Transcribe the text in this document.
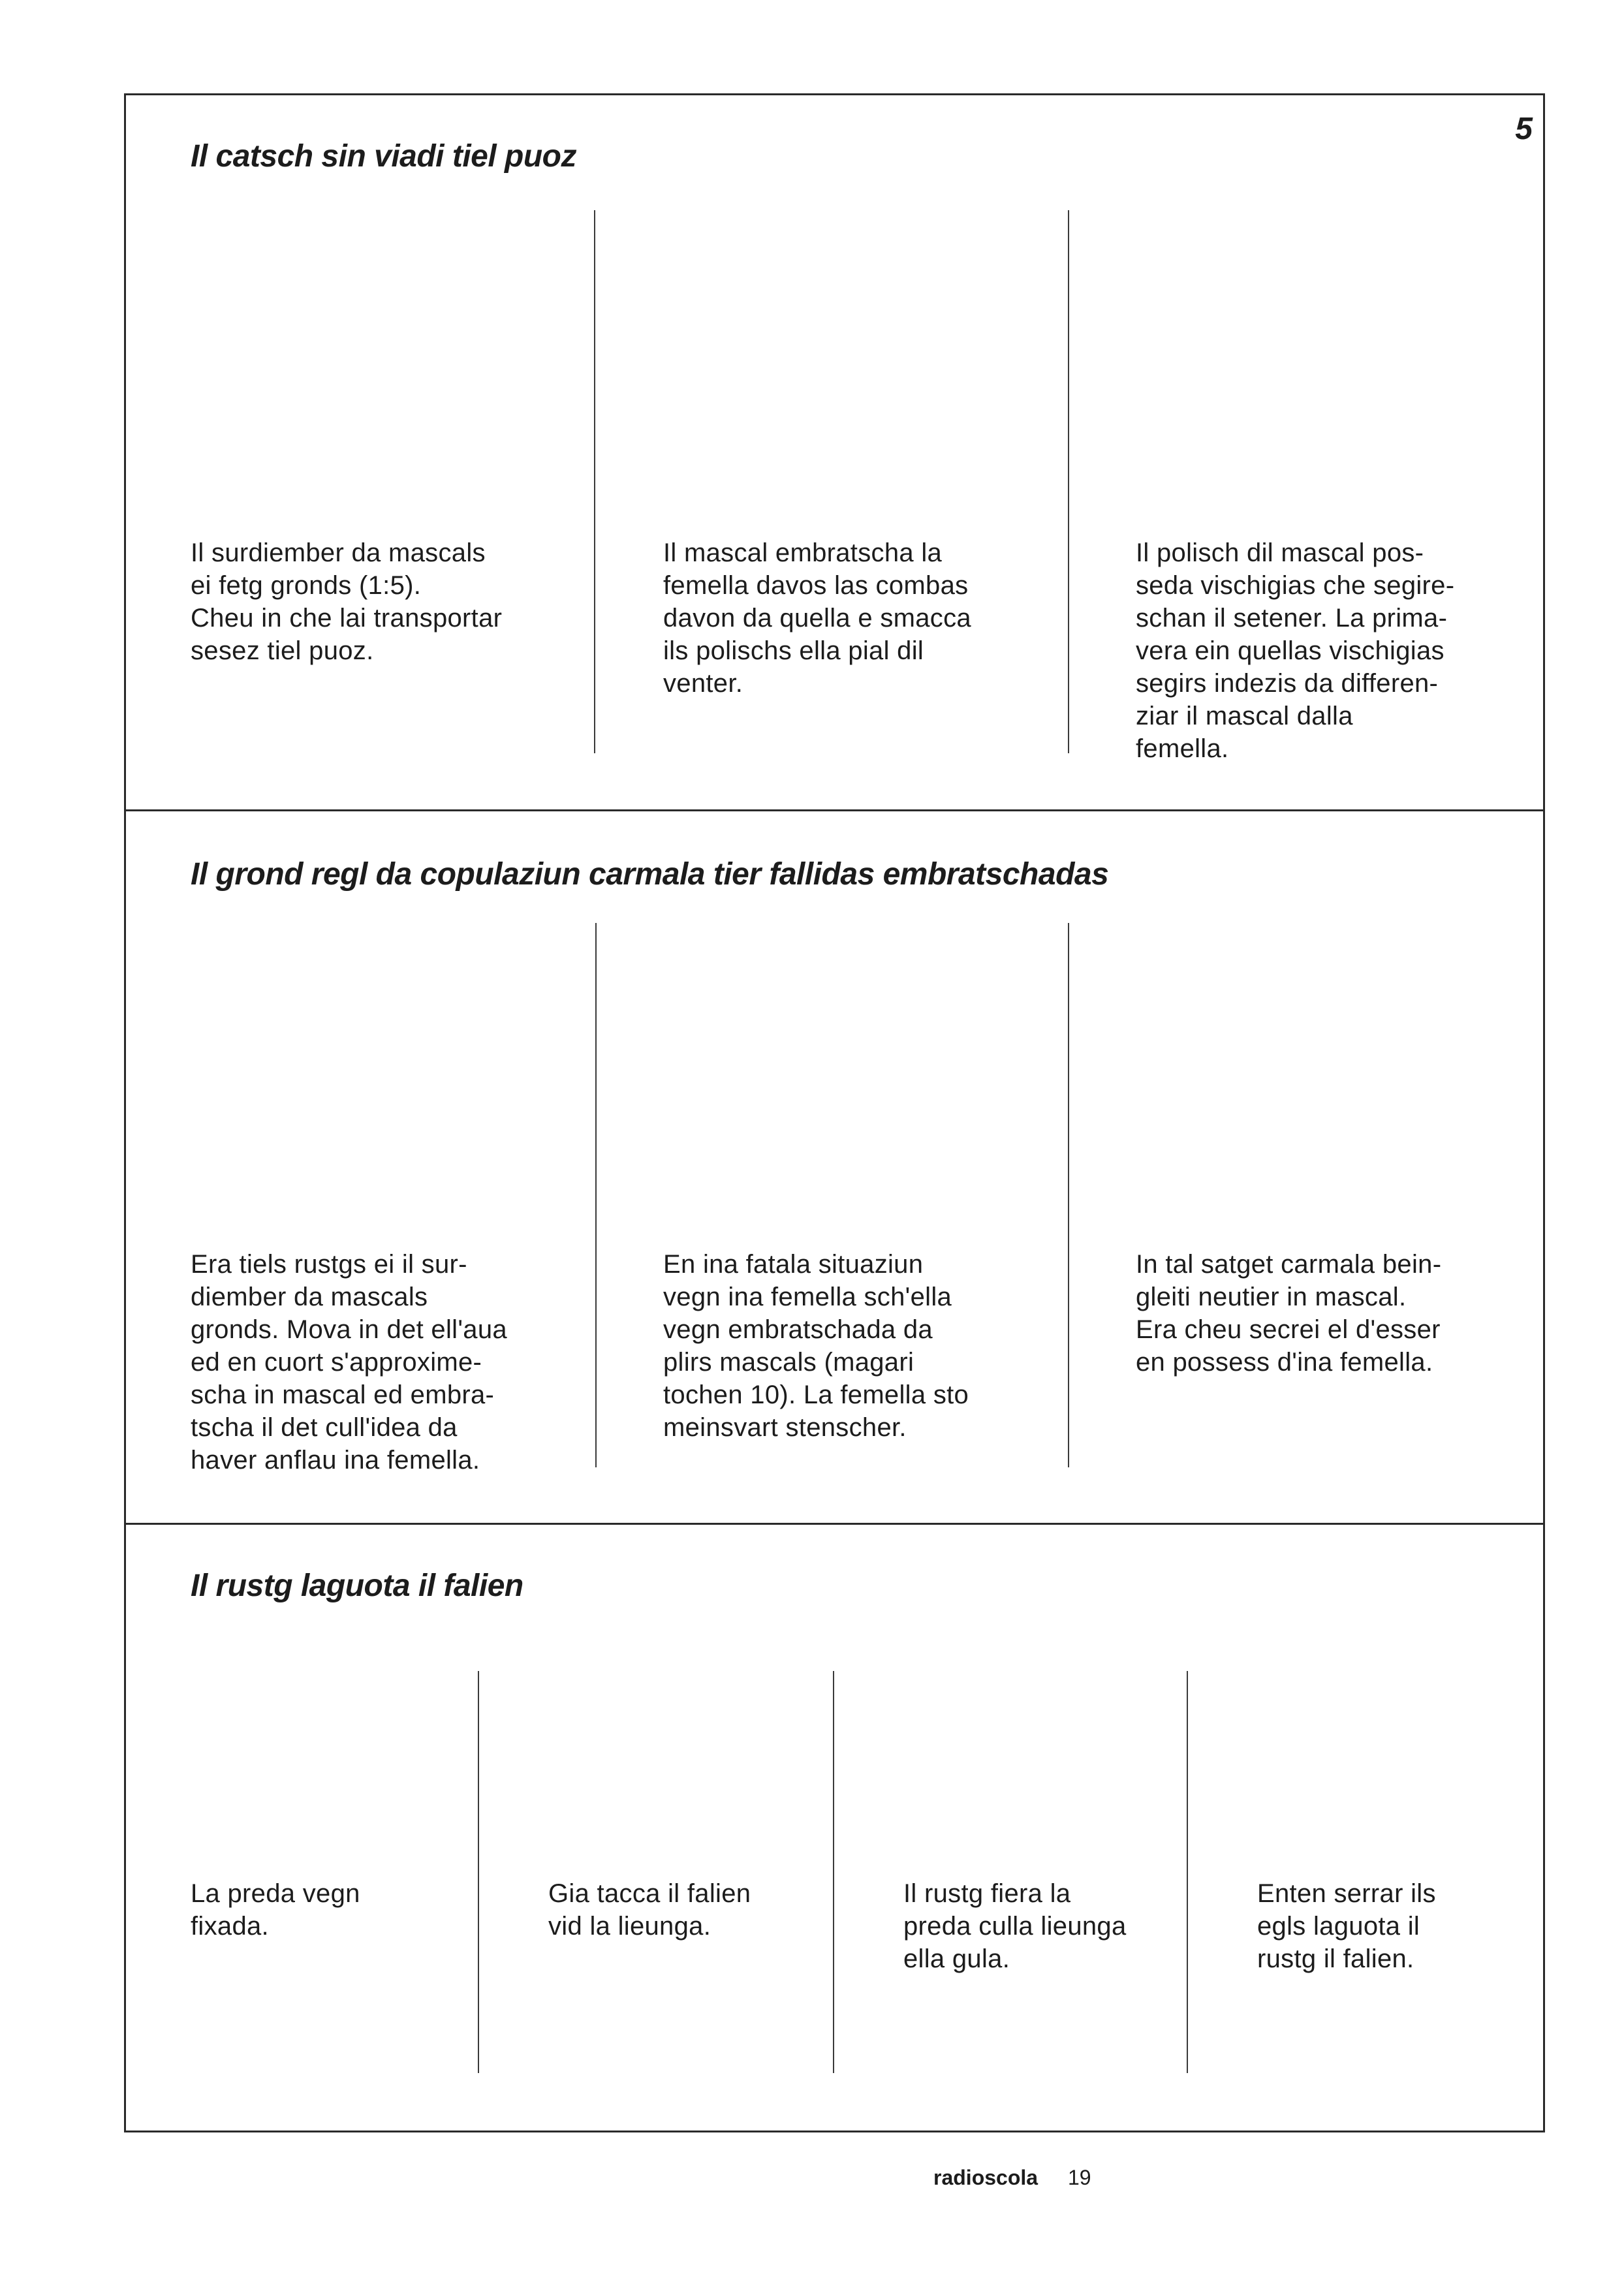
5
Il catsch sin viadi tiel puoz
Il surdiember da mascals
ei fetg gronds (1:5).
Cheu in che lai transportar
sesez tiel puoz.
Il mascal embratscha la
femella davos las combas
davon da quella e smacca
ils polischs ella pial dil
venter.
Il polisch dil mascal pos-
seda vischigias che segire-
schan il setener. La prima-
vera ein quellas vischigias
segirs indezis da differen-
ziar il mascal dalla
femella.
Il grond regl da copulaziun carmala tier fallidas embratschadas
Era tiels rustgs ei il sur-
diember da mascals
gronds. Mova in det ell'aua
ed en cuort s'approxime-
scha in mascal ed embra-
tscha il det cull'idea da
haver anflau ina femella.
En ina fatala situaziun
vegn ina femella sch'ella
vegn embratschada da
plirs mascals (magari
tochen 10). La femella sto
meinsvart stenscher.
In tal satget carmala bein-
gleiti neutier in mascal.
Era cheu secrei el d'esser
en possess d'ina femella.
Il rustg laguota il falien
La preda vegn
fixada.
Gia tacca il falien
vid la lieunga.
Il rustg fiera la
preda culla lieunga
ella gula.
Enten serrar ils
egls laguota il
rustg il falien.
radioscola 19
